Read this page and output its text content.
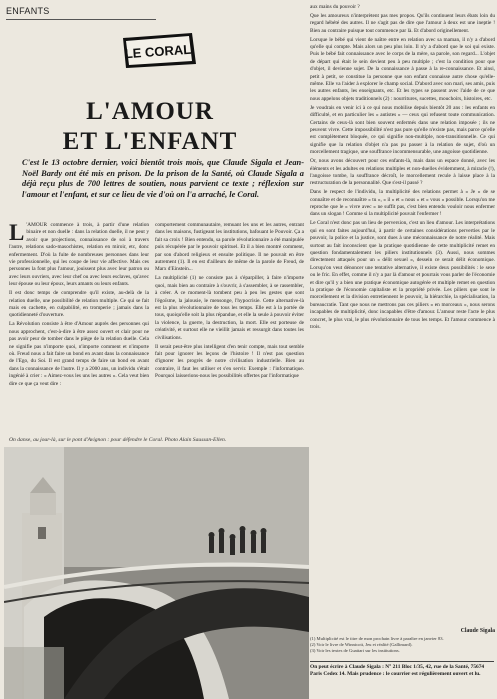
ENFANTS
LE CORAL
L'AMOUR
ET L'ENFANT
C'est le 13 octobre dernier, voici bientôt trois mois, que Claude Sigala et Jean-Noël Bardy ont été mis en prison. De la prison de la Santé, où Claude Sigala a déjà reçu plus de 700 lettres de soutien, nous parvient ce texte ; réflexion sur l'amour et l'enfant, et sur ce lieu de vie d'où on l'a arraché, le Coral.
L 'AMOUR commence à trois, à partir d'une relation binaire et non duelle : dans la relation duelle, il ne peut y avoir que projections, connaissance de soi à travers l'autre, relations sado-masochistes, relation en miroir, etc, donc enfermement. D'où la fuite de nombreuses personnes dans leur vie professionnelle, qui les coupe de leur vie affective. Mais ces personnes la font plus l'amour, jouissent plus avec leur patron ou avec leurs ouvriers, avec leur chef ou avec leurs esclaves, qu'avec leur épouse ou leur époux, leurs amants ou leurs enfants.

Il est donc temps de comprendre qu'il existe, au-delà de la relation duelle, une possibilité de relation multiple. Ce qui se fait mais en cachette, en culpabilité, en tromperie ; jamais dans la quotidienneté d'ouverture.

La Révolution consiste à être d'Amour auprès des personnes qui nous approchent, c'est-à-dire à être assez ouvert et clair pour ne pas avoir peur de tomber dans le piège de la relation duelle. Cela ne signifie pas n'importe quoi, n'importe comment et n'importe où. Freud nous a fait faire un bond en avant dans la connaissance de l'Ego, du Soi. Il est grand temps de faire un bond en avant dans la connaissance de l'autre. Il y a 2000 ans, un individu s'était ingénié à crier : « Aimez-vous les uns les autres ». Cela veut bien dire ce que ça veut dire :

comportement communautaire, remuant les uns et les autres, entrant dans les maisons, fustigeant les institutions, bafouant le Pouvoir. Ça a fait sa croix ! Bien entendu, sa parole révolutionnaire a été manipulée puis récupérée par le pouvoir spirituel. Et il a bien montré comment, par son d'abord religieux et ensuite politique. Il ne pouvait en être autrement (1). Il en est d'ailleurs de même de la parole de Freud, de Marx d'Einstein...

La multiplicité (1) ne consiste pas à s'éparpiller, à faire n'importe quoi, mais bien au contraire à s'ouvrir, à s'assembler, à se rassembler, à créer. A ce moment-là tombent peu à peu les gestes que sont l'égoïsme, la jalousie, le mensonge, l'hypocrisie. Cette alternative-là est la plus révolutionnaire de tous les temps. Elle est à la portée de tous, quoiqu'elle soit la plus répandue, et elle la seule à pouvoir éviter la violence, la guerre, la destruction, la mort. Elle est porteuse de créativité, et surtout elle ne vieillit jamais et ressurgit dans toutes les civilisations.

Il serait peut-être plus intelligent d'en tenir compte, mais tout semble fait pour ignorer les leçons de l'histoire ! Il n'est pas question d'ignorer les progrès de notre civilisation industrielle. Bien au contraire, il faut les utiliser et s'en servir. Exemple : l'informatique. Pourquoi laisserions-nous les possibilités offertes par l'informatique

aux mains du pouvoir ?

Que les amoureux n'interprètent pas mes propos. Qu'ils continuent leurs ébats loin du regard hébété des autres. Il ne s'agit pas de dire que l'amour à deux est une ineptie ! Bien au contraire puisque tout commence par là. Et d'abord originellement.

Lorsque le bébé qui vient de naître entre en relation avec sa maman, il n'y a d'abord qu'elle qui compte. Mais alors un peu plus loin. Il n'y a d'abord que le soi qui existe. Puis le bébé fait connaissance avec le corps de la mère, sa parole, son regard... L'objet de départ qui était le sein devient peu à peu multiple ; c'est la condition pour que d'objet, il devienne sujet. De la connaissance à passe à la re-connaissance. Et ainsi, petit à petit, se constitue la personne que son enfant connaisse autre chose qu'elle-même. Elle va l'aider à explorer le champ social. D'abord avec son mari, ses amis, puis les autres enfants, les enseignants, etc. Et les types se passent avec l'aide de ce que nous appelons objets traditionnels (2) : nourritures, sucettes, mouchoirs, histoires, etc.

Je voudrais en venir ici à ce qui nous mobilise depuis bientôt 20 ans : les enfants en difficulté, et en particulier les « autistes » — ceux qui refusent toute communication. Certains de ceux-là sont bien souvent enfermés dans une relation imposée ; ils ne peuvent vivre. Cette impossibilité n'est pas pure qu'elle n'existe pas, mais parce qu'elle est complètement bloquée, ce qui signifie non-multiple, non-transitionnelle. Ce qui signifie que la relation d'objet n'a pas pu passer à la relation de sujet, d'où un morcellement tragique, une souffrance incommensurable, une angoisse quotidienne.

Or, nous avons découvert pour ces enfants-là, mais dans un espace donné, avec les éléments et les adultes en relations multiples et non-duelles évidemment, à miracle (!), l'angoisse tombe, la souffrance décroît, le morcellement recule à laisse place à la restructuration de la personnalité. Que s'est-il passé ?

Dans le respect de l'individu, la multiplicité des relations permet à « Je » de se connaître et de reconnaître « tu », « il » et « nous » et « vous » possible. Lorsqu'on me reproche que le « vivre avec » ne suffit pas, c'est bien entendu vouloir nous enfermer dans un slogan ! Comme si la multiplicité pouvait l'enfermer !

Le Coral n'est donc pas un lieu de perversion, c'est un lieu d'amour. Les interprétations qui en sont faites aujourd'hui, à partir de certaines considérations perverties par le pouvoir, la police et la justice, sont dues à une méconnaissance de notre réalité. Mais surtout au fait inconscient que la pratique quotidienne de cette multiplicité remet en question fondamentalement les piliers institutionnels (3). Aussi, nous sommes directement attaqués pour un « délit sexuel », dessein ce serait délit économique. Lorsqu'on veut dénoncer une tentative alternative, il existe deux possibilités : le sexe ou le fric. En effet, comme il n'y a par là d'amour et pourrais vous parler de l'économie et dire qu'il y a bien une pratique économique autogérée et multiple remet en question la pratique de l'économie capitaliste et la propriété privée. Les piliers que sont le morcellement et la division entretiennent le pouvoir, la hiérarchie, la spécialisation, la bureaucratie. Tant que nous ne mettrons pas ces piliers « en morceaux », nous serons incapables de multiplicité, donc incapables d'être d'amour. L'amour reste l'acte le plus concret, le plus vrai, le plus révolutionnaire de tous les temps. Et l'amour commence à trois.

On danse, au jour-là, sur le pont d'Avignon : pour défendre le Coral. Photo Alain Saussan-Ellen.
Claude Sigala

(1) Multiplicité est le titre de mon prochain livre à paraître en janvier 83.

(2) Voir le livre de Winnicott, Jeu et réalité (Gallimard).

(3) Voir les textes de Guattari sur les institutions.

On peut écrire à Claude Sigala : N° 211 Bloc 1/35, 42, rue de la Santé, 75674 Paris Cedex 14. Mais prudence : le courrier est régulièrement ouvert et lu.
